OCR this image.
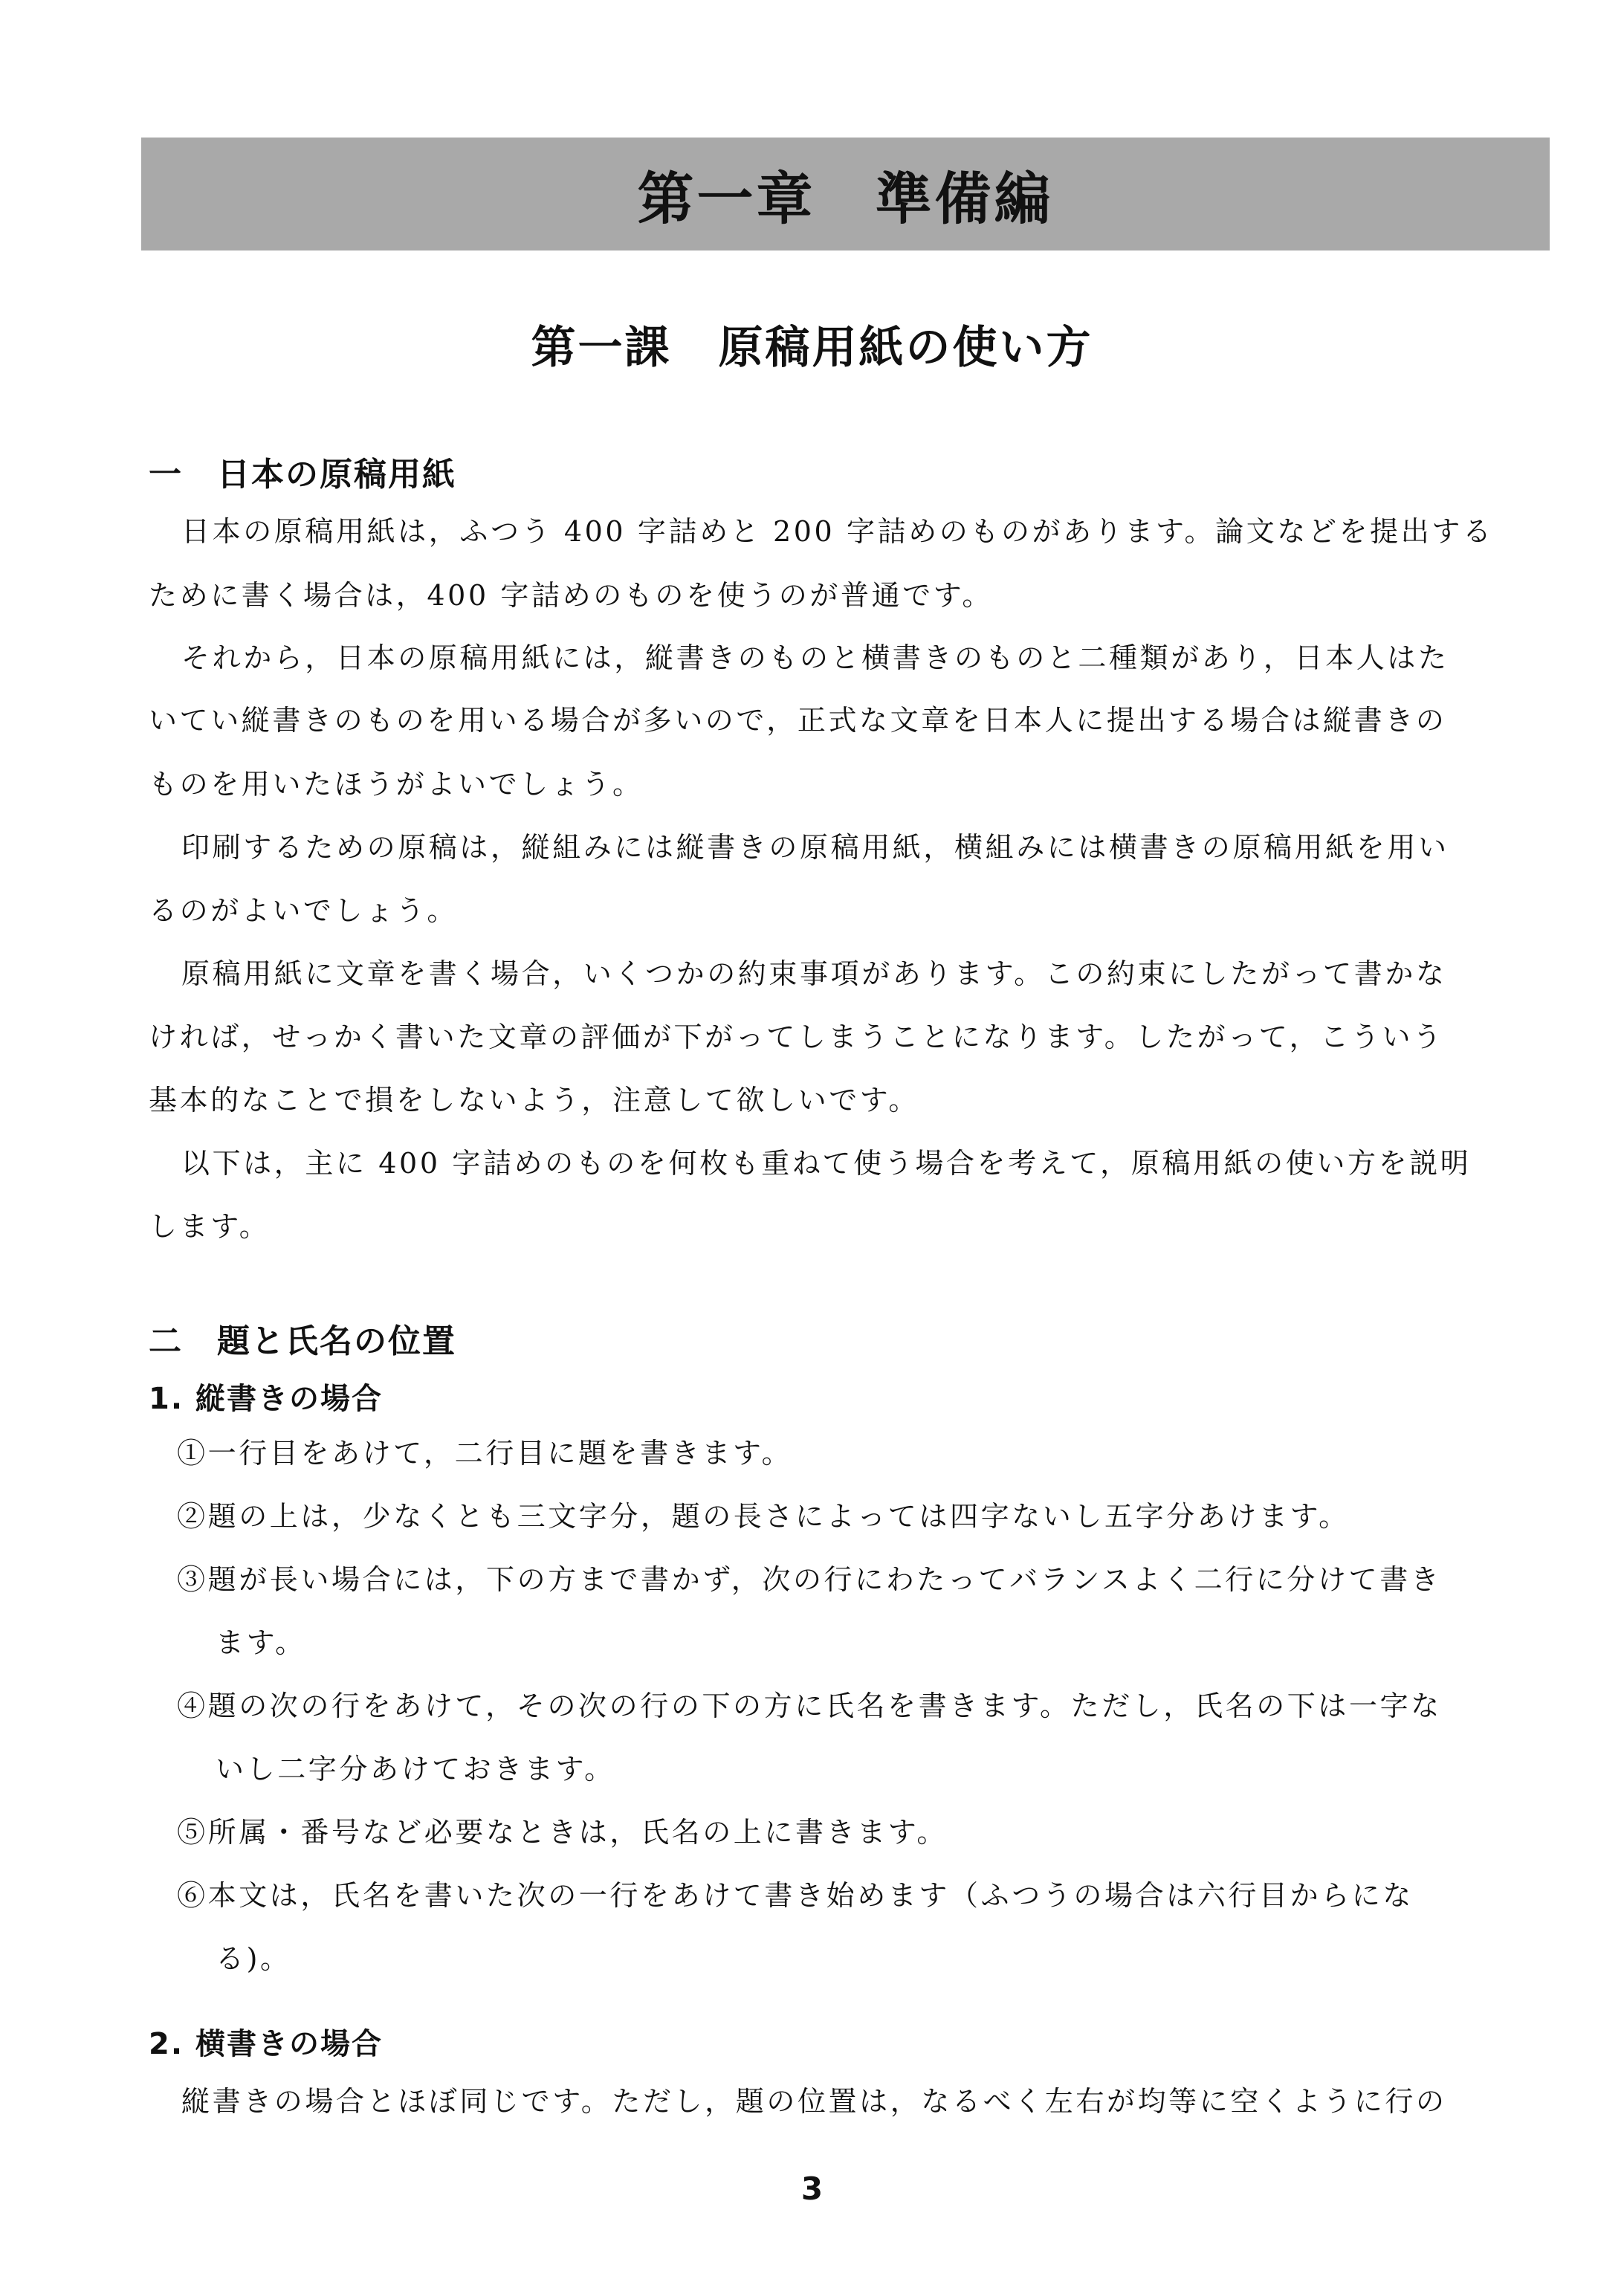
第一章　準備編
第一課　原稿用紙の使い方
一　日本の原稿用紙
日本の原稿用紙は，ふつう 400 字詰めと 200 字詰めのものがあります。論文などを提出する
ために書く場合は，400 字詰めのものを使うのが普通です。
それから，日本の原稿用紙には，縦書きのものと横書きのものと二種類があり，日本人はた
いてい縦書きのものを用いる場合が多いので，正式な文章を日本人に提出する場合は縦書きの
ものを用いたほうがよいでしょう。
印刷するための原稿は，縦組みには縦書きの原稿用紙，横組みには横書きの原稿用紙を用い
るのがよいでしょう。
原稿用紙に文章を書く場合，いくつかの約束事項があります。この約束にしたがって書かな
ければ，せっかく書いた文章の評価が下がってしまうことになります。したがって，こういう
基本的なことで損をしないよう，注意して欲しいです。
以下は，主に 400 字詰めのものを何枚も重ねて使う場合を考えて，原稿用紙の使い方を説明
します。
二　題と氏名の位置
1. 縦書きの場合
①一行目をあけて，二行目に題を書きます。
②題の上は，少なくとも三文字分，題の長さによっては四字ないし五字分あけます。
③題が長い場合には，下の方まで書かず，次の行にわたってバランスよく二行に分けて書き
ます。
④題の次の行をあけて，その次の行の下の方に氏名を書きます。ただし，氏名の下は一字な
いし二字分あけておきます。
⑤所属・番号など必要なときは，氏名の上に書きます。
⑥本文は，氏名を書いた次の一行をあけて書き始めます（ふつうの場合は六行目からにな
る)。
2. 横書きの場合
縦書きの場合とほぼ同じです。ただし，題の位置は，なるべく左右が均等に空くように行の
3
